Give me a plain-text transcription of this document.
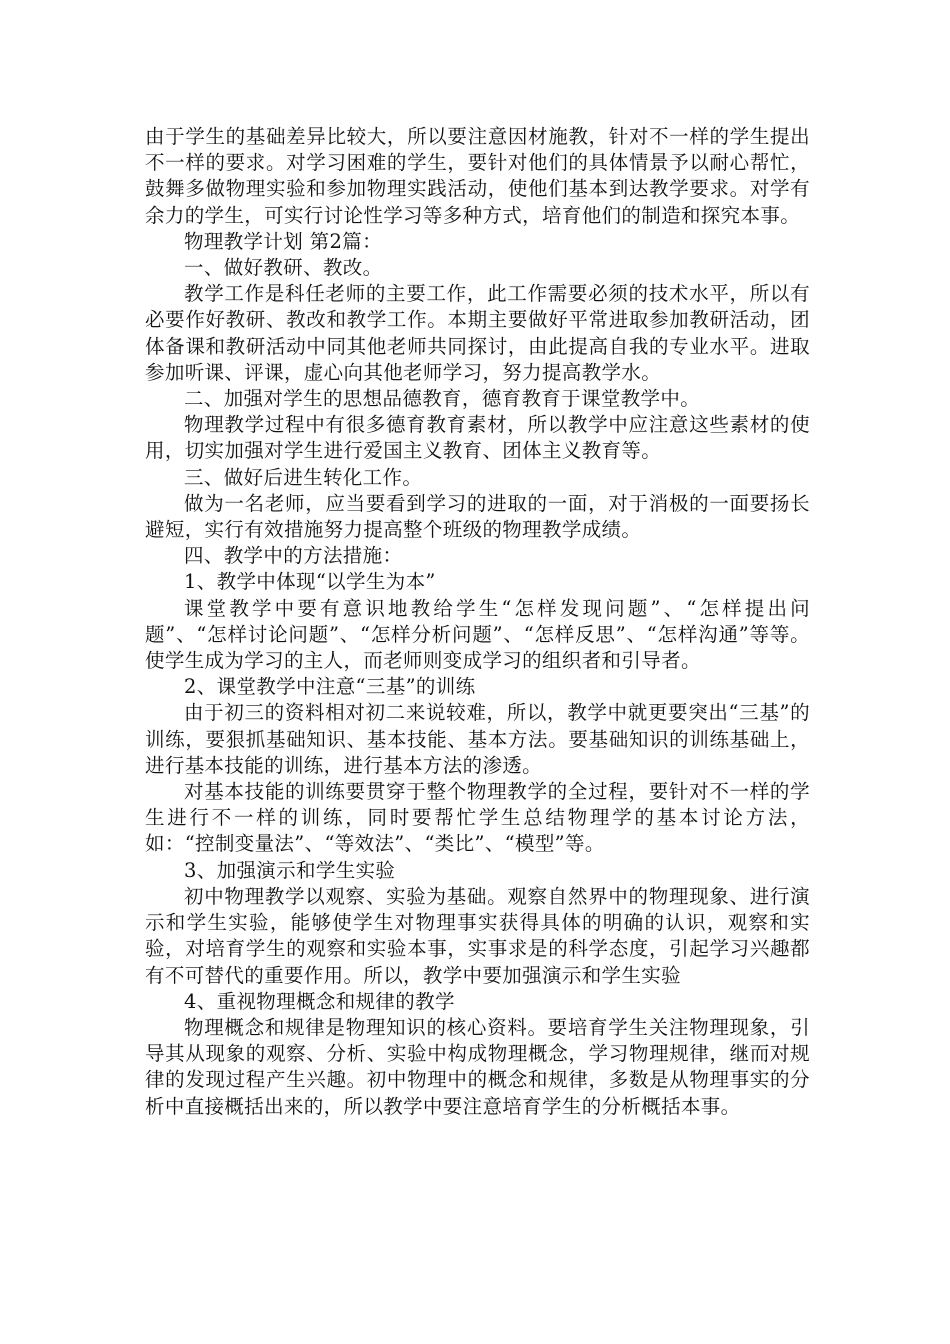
由于学生的基础差异比较大，所以要注意因材施教，针对不一样的学生提出不一样的要求。对学习困难的学生，要针对他们的具体情景予以耐心帮忙，鼓舞多做物理实验和参加物理实践活动，使他们基本到达教学要求。对学有余力的学生，可实行讨论性学习等多种方式，培育他们的制造和探究本事。

物理教学计划 第2篇：

一、做好教研、教改。

教学工作是科任老师的主要工作，此工作需要必须的技术水平，所以有必要作好教研、教改和教学工作。本期主要做好平常进取参加教研活动，团体备课和教研活动中同其他老师共同探讨，由此提高自我的专业水平。进取参加听课、评课，虚心向其他老师学习，努力提高教学水。

二、加强对学生的思想品德教育，德育教育于课堂教学中。

物理教学过程中有很多德育教育素材，所以教学中应注意这些素材的使用，切实加强对学生进行爱国主义教育、团体主义教育等。

三、做好后进生转化工作。

做为一名老师，应当要看到学习的进取的一面，对于消极的一面要扬长避短，实行有效措施努力提高整个班级的物理教学成绩。

四、教学中的方法措施：

1、教学中体现“以学生为本”

课堂教学中要有意识地教给学生“怎样发现问题”、“怎样提出问题”、“怎样讨论问题”、“怎样分析问题”、“怎样反思”、“怎样沟通”等等。使学生成为学习的主人，而老师则变成学习的组织者和引导者。

2、课堂教学中注意“三基”的训练

由于初三的资料相对初二来说较难，所以，教学中就更要突出“三基”的训练，要狠抓基础知识、基本技能、基本方法。要基础知识的训练基础上，进行基本技能的训练，进行基本方法的渗透。

对基本技能的训练要贯穿于整个物理教学的全过程，要针对不一样的学生进行不一样的训练，同时要帮忙学生总结物理学的基本讨论方法，如：“控制变量法”、“等效法”、“类比”、“模型”等。

3、加强演示和学生实验

初中物理教学以观察、实验为基础。观察自然界中的物理现象、进行演示和学生实验，能够使学生对物理事实获得具体的明确的认识，观察和实验，对培育学生的观察和实验本事，实事求是的科学态度，引起学习兴趣都有不可替代的重要作用。所以，教学中要加强演示和学生实验

4、重视物理概念和规律的教学

物理概念和规律是物理知识的核心资料。要培育学生关注物理现象，引导其从现象的观察、分析、实验中构成物理概念，学习物理规律，继而对规律的发现过程产生兴趣。初中物理中的概念和规律，多数是从物理事实的分析中直接概括出来的，所以教学中要注意培育学生的分析概括本事。
